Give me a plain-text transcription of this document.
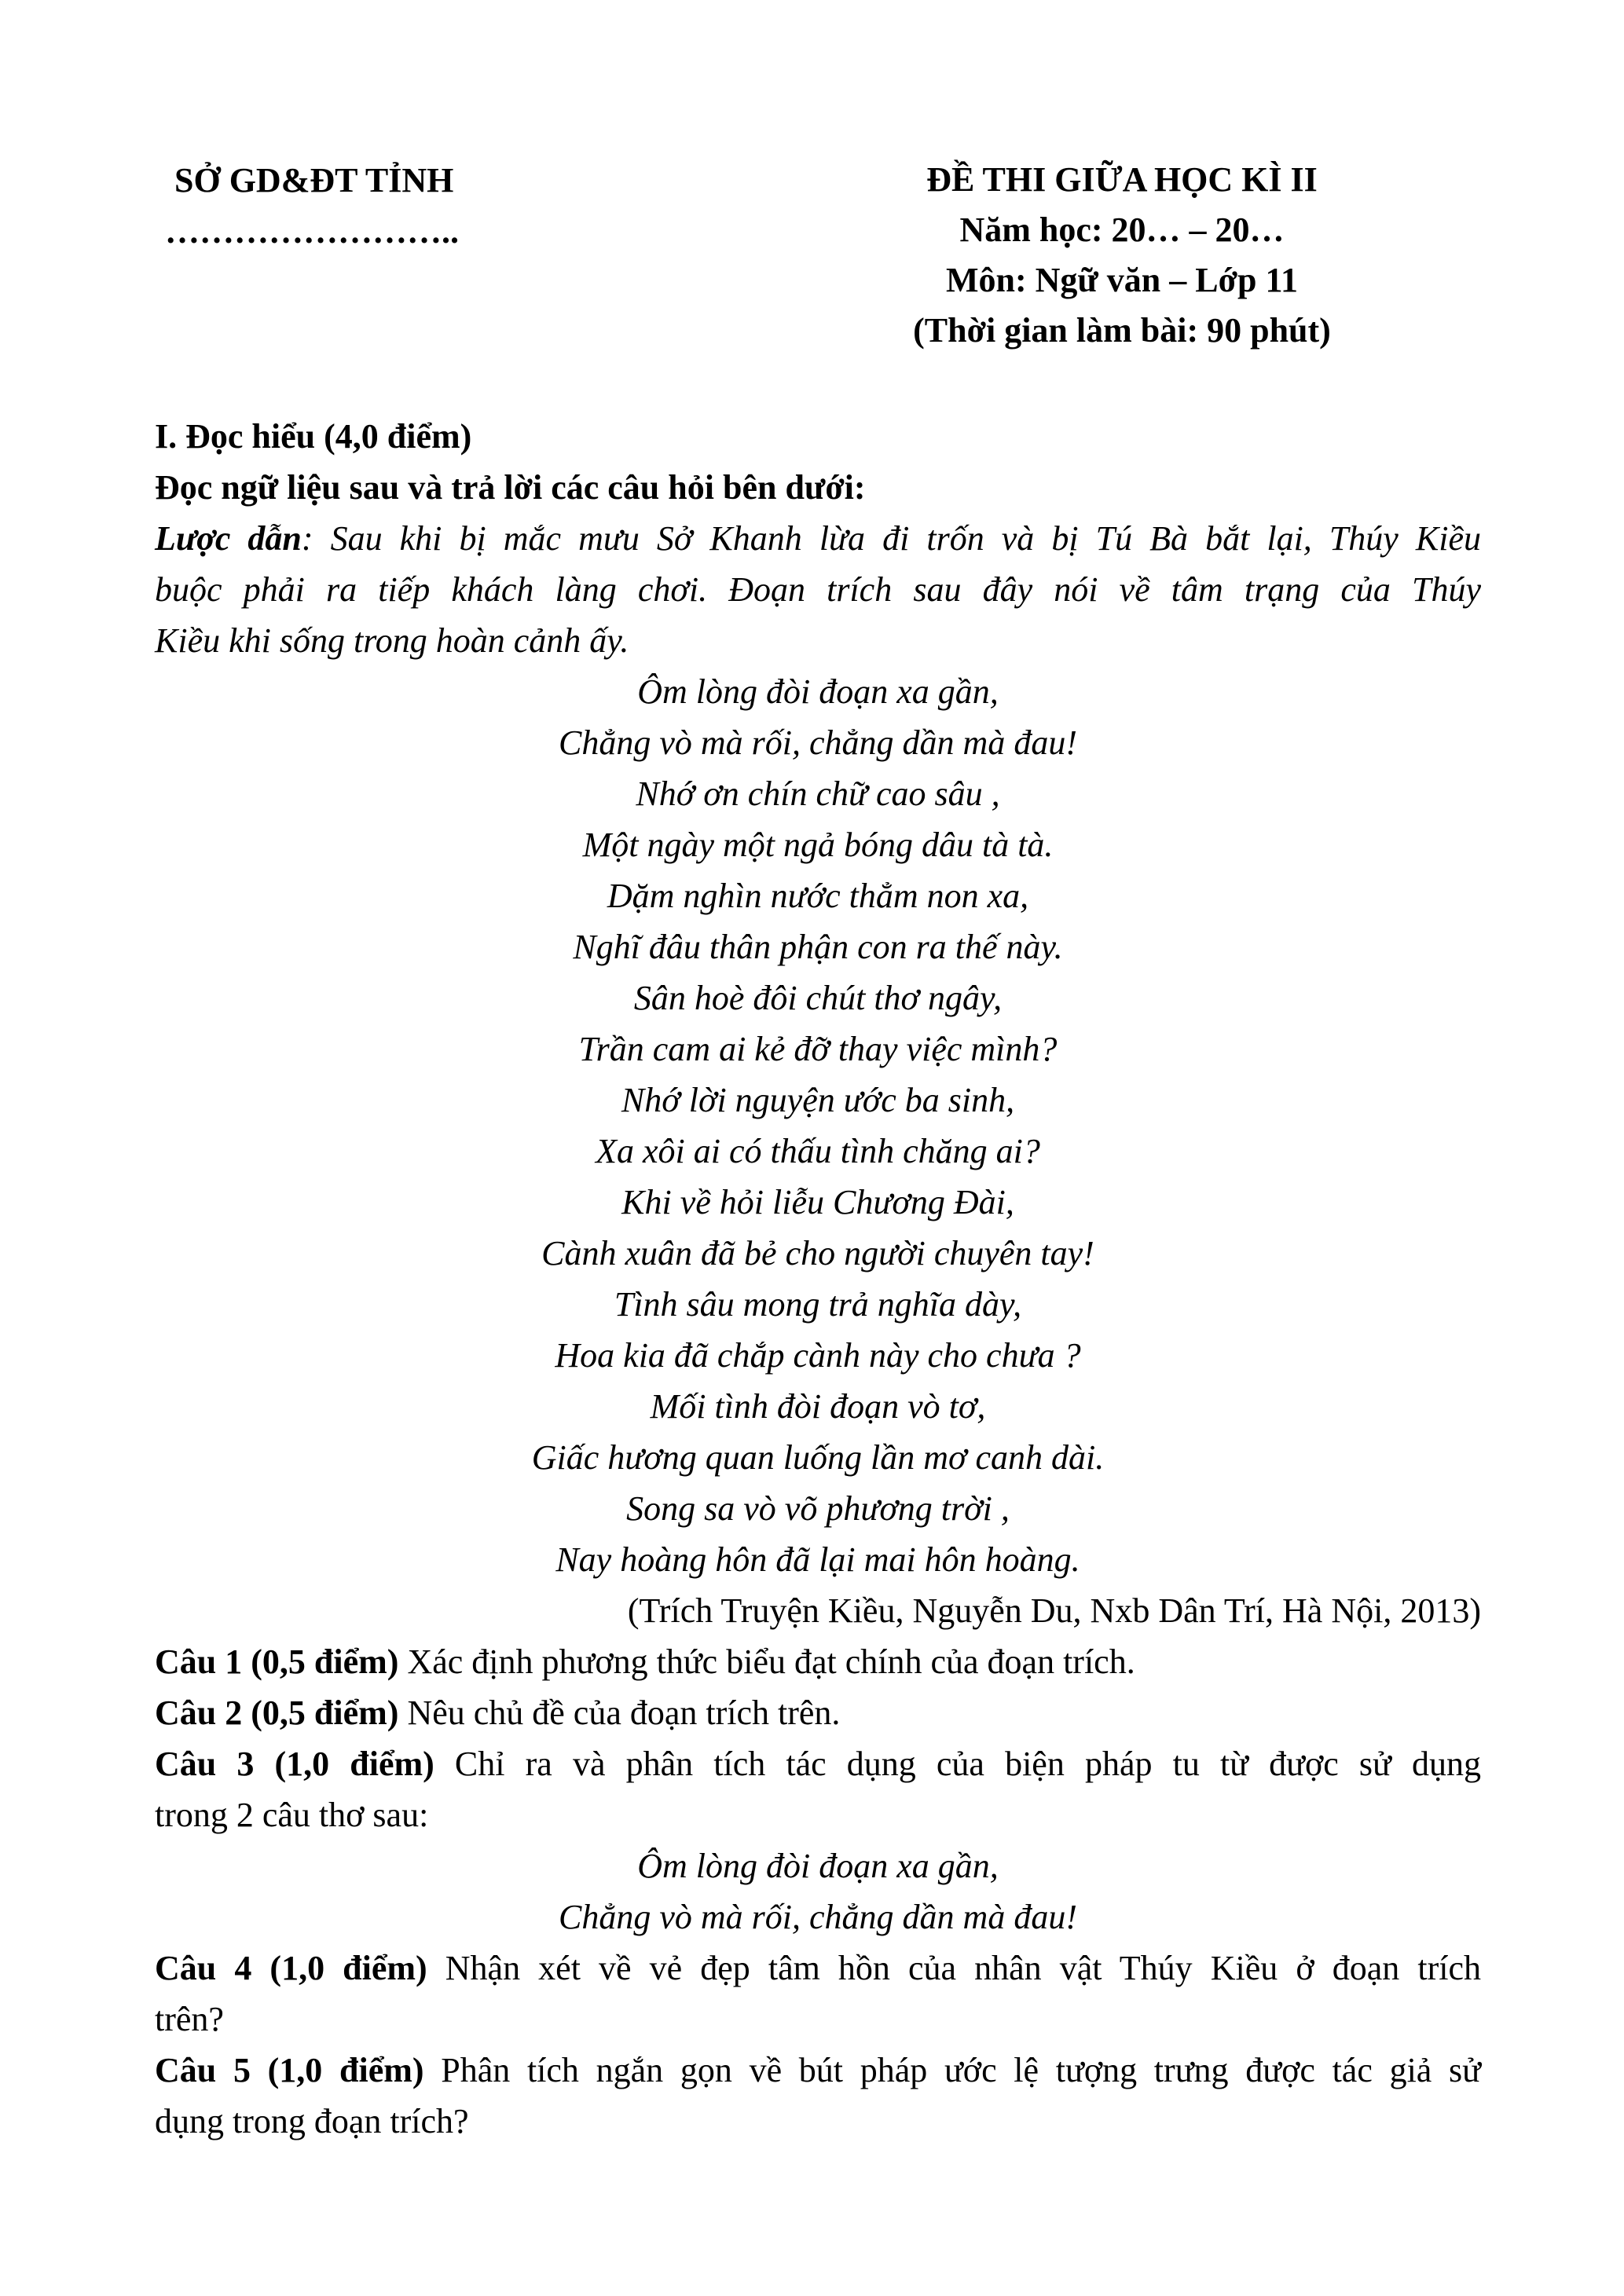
SỞ GD&ĐT TỈNH
……………………..
ĐỀ THI GIỮA HỌC KÌ II
Năm học: 20… – 20…
Môn: Ngữ văn – Lớp 11
(Thời gian làm bài: 90 phút)
I. Đọc hiểu (4,0 điểm)
Đọc ngữ liệu sau và trả lời các câu hỏi bên dưới:
Lược dẫn: Sau khi bị mắc mưu Sở Khanh lừa đi trốn và bị Tú Bà bắt lại, Thúy Kiều
buộc phải ra tiếp khách làng chơi. Đoạn trích sau đây nói về tâm trạng của Thúy
Kiều khi sống trong hoàn cảnh ấy.
Ôm lòng đòi đoạn xa gần,
Chẳng vò mà rối, chẳng dần mà đau!
Nhớ ơn chín chữ cao sâu ,
Một ngày một ngả bóng dâu tà tà.
Dặm nghìn nước thẳm non xa,
Nghĩ đâu thân phận con ra thế này.
Sân hoè đôi chút thơ ngây,
Trần cam ai kẻ đỡ thay việc mình?
Nhớ lời nguyện ước ba sinh,
Xa xôi ai có thấu tình chăng ai?
Khi về hỏi liễu Chương Đài,
Cành xuân đã bẻ cho người chuyên tay!
Tình sâu mong trả nghĩa dày,
Hoa kia đã chắp cành này cho chưa ?
Mối tình đòi đoạn vò tơ,
Giấc hương quan luống lần mơ canh dài.
Song sa vò võ phương trời ,
Nay hoàng hôn đã lại mai hôn hoàng.
(Trích Truyện Kiều, Nguyễn Du, Nxb Dân Trí, Hà Nội, 2013)
Câu 1 (0,5 điểm) Xác định phương thức biểu đạt chính của đoạn trích.
Câu 2 (0,5 điểm) Nêu chủ đề của đoạn trích trên.
Câu 3 (1,0 điểm) Chỉ ra và phân tích tác dụng của biện pháp tu từ được sử dụng
trong 2 câu thơ sau:
Ôm lòng đòi đoạn xa gần,
Chẳng vò mà rối, chẳng dần mà đau!
Câu 4 (1,0 điểm) Nhận xét về vẻ đẹp tâm hồn của nhân vật Thúy Kiều ở đoạn trích
trên?
Câu 5 (1,0 điểm) Phân tích ngắn gọn về bút pháp ước lệ tượng trưng được tác giả sử
dụng trong đoạn trích?
